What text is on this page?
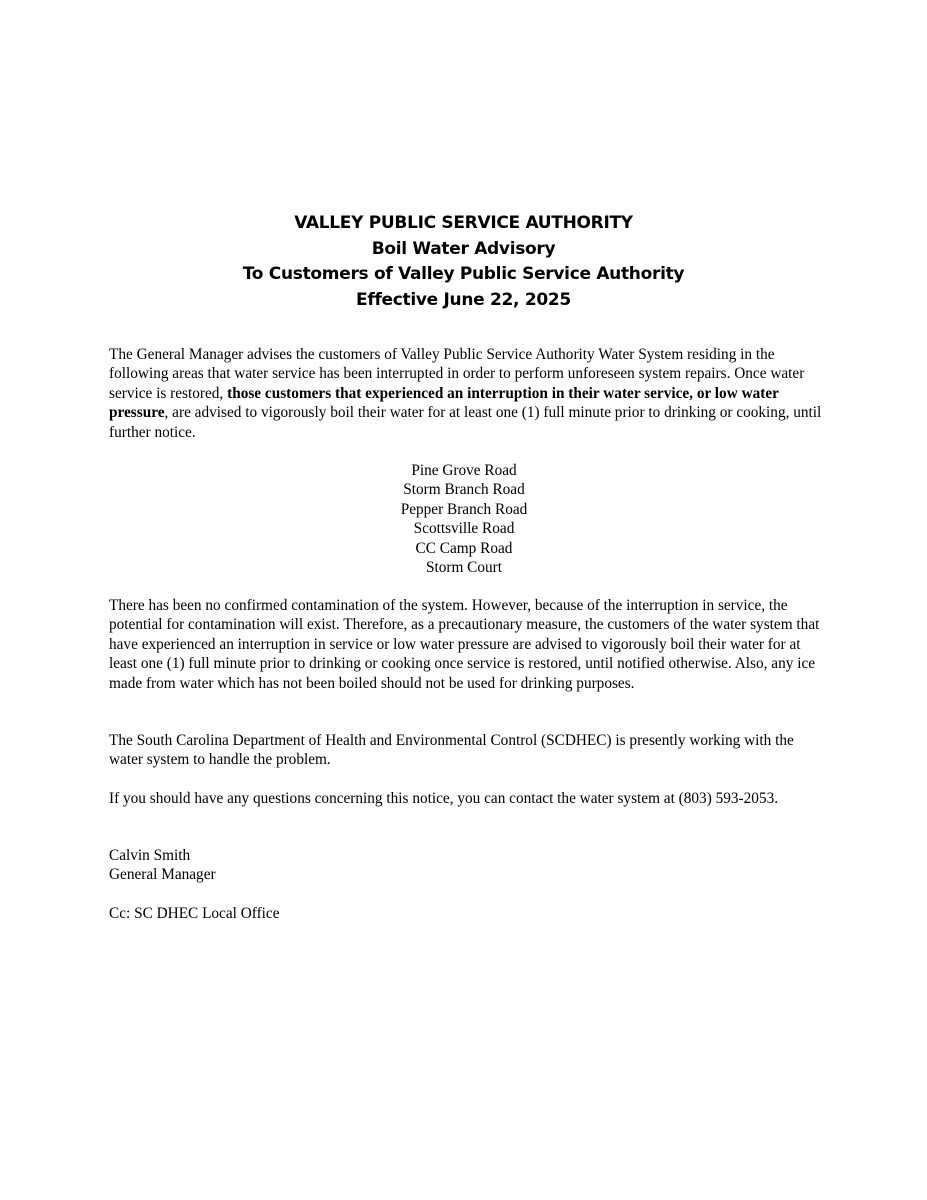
VALLEY PUBLIC SERVICE AUTHORITY
Boil Water Advisory
To Customers of Valley Public Service Authority
Effective June 22, 2025

The General Manager advises the customers of Valley Public Service Authority Water System residing in the following areas that water service has been interrupted in order to perform unforeseen system repairs. Once water service is restored, those customers that experienced an interruption in their water service, or low water pressure, are advised to vigorously boil their water for at least one (1) full minute prior to drinking or cooking, until further notice.

Pine Grove Road
Storm Branch Road
Pepper Branch Road
Scottsville Road
CC Camp Road
Storm Court

There has been no confirmed contamination of the system. However, because of the interruption in service, the potential for contamination will exist. Therefore, as a precautionary measure, the customers of the water system that have experienced an interruption in service or low water pressure are advised to vigorously boil their water for at least one (1) full minute prior to drinking or cooking once service is restored, until notified otherwise. Also, any ice made from water which has not been boiled should not be used for drinking purposes.

The South Carolina Department of Health and Environmental Control (SCDHEC) is presently working with the water system to handle the problem.

If you should have any questions concerning this notice, you can contact the water system at (803) 593-2053.

Calvin Smith

General Manager

Cc: SC DHEC Local Office
